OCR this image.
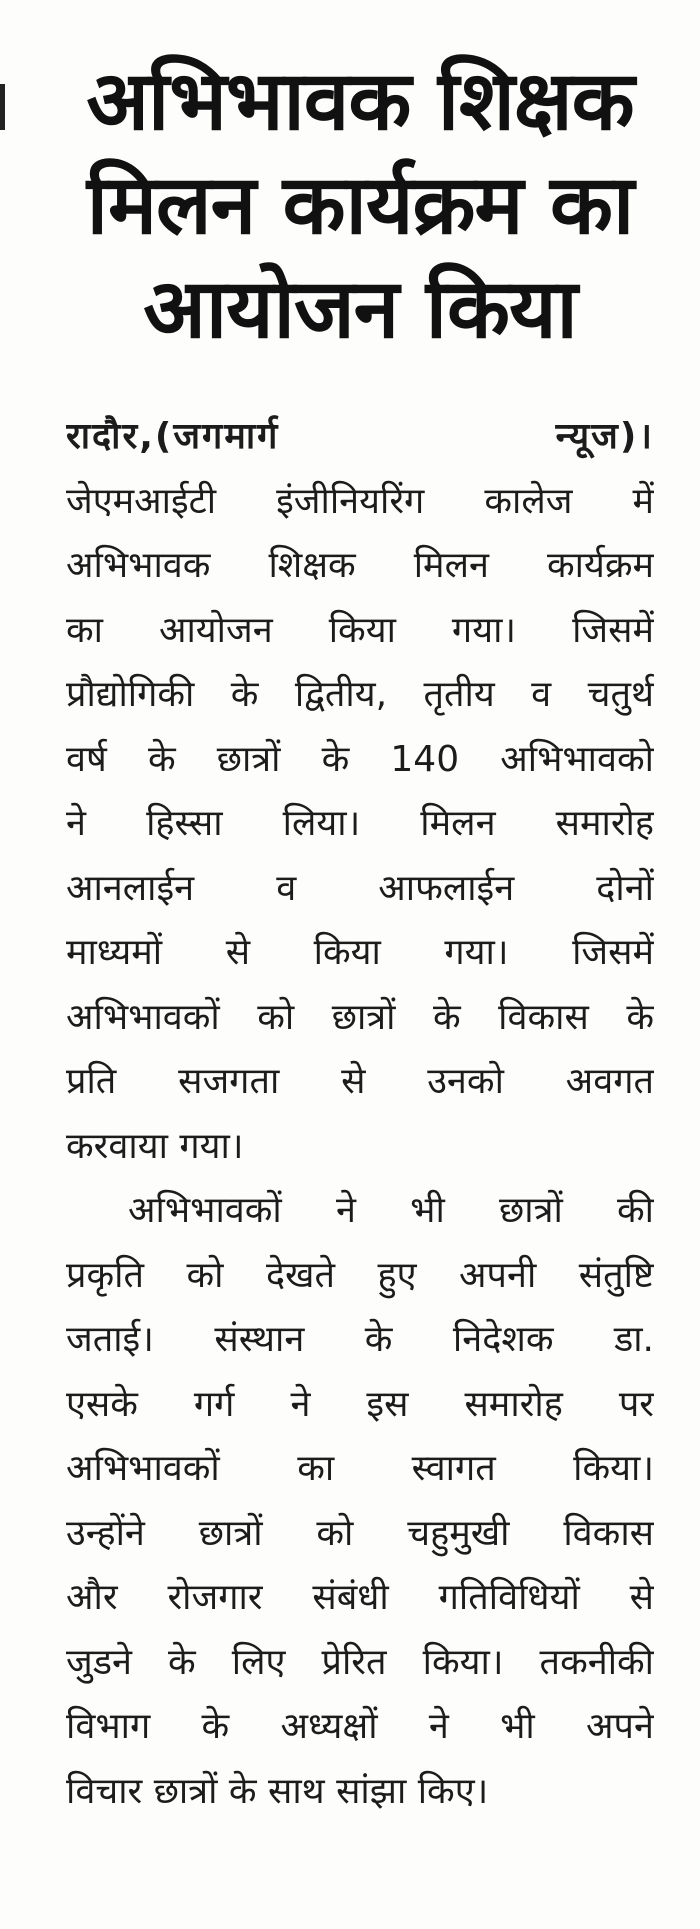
अभिभावक शिक्षक
मिलन कार्यक्रम का
आयोजन किया
रादौर,(जगमार्ग न्यूज)।
जेएमआईटी इंजीनियरिंग कालेज में
अभिभावक शिक्षक मिलन कार्यक्रम
का आयोजन किया गया। जिसमें
प्रौद्योगिकी के द्वितीय, तृतीय व चतुर्थ
वर्ष के छात्रों के 140 अभिभावको
ने हिस्सा लिया। मिलन समारोह
आनलाईन व आफलाईन दोनों
माध्यमों से किया गया। जिसमें
अभिभावकों को छात्रों के विकास के
प्रति सजगता से उनको अवगत
करवाया गया।
अभिभावकों ने भी छात्रों की
प्रकृति को देखते हुए अपनी संतुष्टि
जताई। संस्थान के निदेशक डा.
एसके गर्ग ने इस समारोह पर
अभिभावकों का स्वागत किया।
उन्होंने छात्रों को चहुमुखी विकास
और रोजगार संबंधी गतिविधियों से
जुडने के लिए प्रेरित किया। तकनीकी
विभाग के अध्यक्षों ने भी अपने
विचार छात्रों के साथ सांझा किए।
